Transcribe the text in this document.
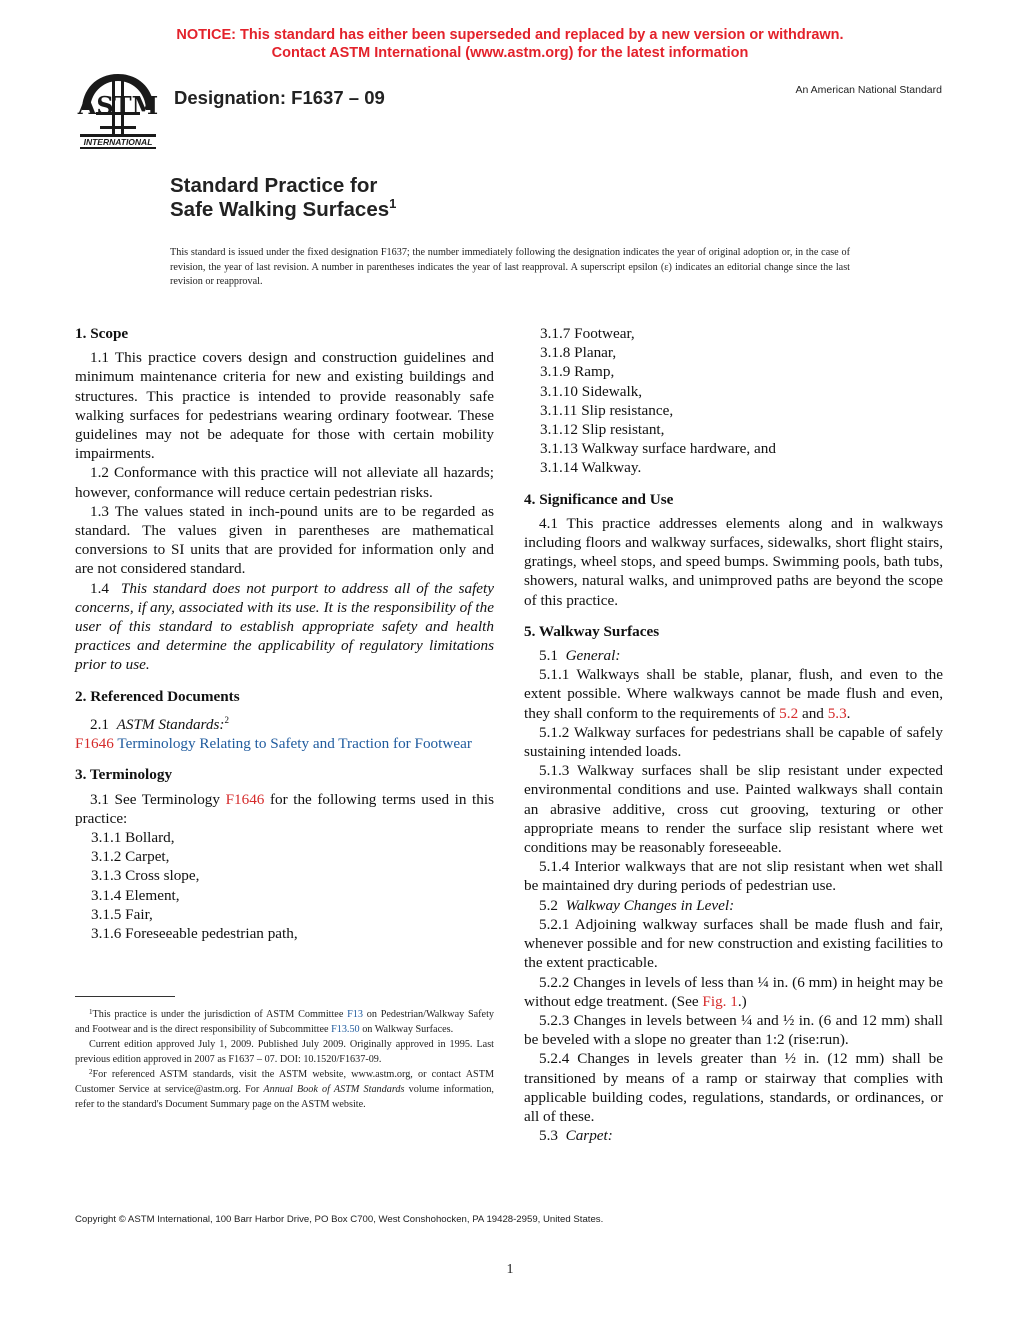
NOTICE: This standard has either been superseded and replaced by a new version or withdrawn.
Contact ASTM International (www.astm.org) for the latest information
ASTM
INTERNATIONAL
Designation: F1637 – 09	An American National Standard
Standard Practice for
Safe Walking Surfaces$^1$
This standard is issued under the fixed designation F1637; the number immediately following the designation indicates the year of original adoption or, in the case of revision, the year of last revision. A number in parentheses indicates the year of last reapproval. A superscript epsilon (ε) indicates an editorial change since the last revision or reapproval.
1. Scope

1.1 This practice covers design and construction guidelines and minimum maintenance criteria for new and existing buildings and structures. This practice is intended to provide reasonably safe walking surfaces for pedestrians wearing ordinary footwear. These guidelines may not be adequate for those with certain mobility impairments.

1.2 Conformance with this practice will not alleviate all hazards; however, conformance will reduce certain pedestrian risks.

1.3 The values stated in inch-pound units are to be regarded as standard. The values given in parentheses are mathematical conversions to SI units that are provided for information only and are not considered standard.

1.4 This standard does not purport to address all of the safety concerns, if any, associated with its use. It is the responsibility of the user of this standard to establish appropriate safety and health practices and determine the applicability of regulatory limitations prior to use.

2. Referenced Documents

2.1 ASTM Standards:$^2$

F1646 Terminology Relating to Safety and Traction for Footwear

3. Terminology

3.1 See Terminology F1646 for the following terms used in this practice:

3.1.1 Bollard,

3.1.2 Carpet,

3.1.3 Cross slope,

3.1.4 Element,

3.1.5 Fair,

3.1.6 Foreseeable pedestrian path,

3.1.7 Footwear,

3.1.8 Planar,

3.1.9 Ramp,

3.1.10 Sidewalk,

3.1.11 Slip resistance,

3.1.12 Slip resistant,

3.1.13 Walkway surface hardware, and

3.1.14 Walkway.

4. Significance and Use

4.1 This practice addresses elements along and in walkways including floors and walkway surfaces, sidewalks, short flight stairs, gratings, wheel stops, and speed bumps. Swimming pools, bath tubs, showers, natural walks, and unimproved paths are beyond the scope of this practice.

5. Walkway Surfaces

5.1 General:

5.1.1 Walkways shall be stable, planar, flush, and even to the extent possible. Where walkways cannot be made flush and even, they shall conform to the requirements of 5.2 and 5.3.

5.1.2 Walkway surfaces for pedestrians shall be capable of safely sustaining intended loads.

5.1.3 Walkway surfaces shall be slip resistant under expected environmental conditions and use. Painted walkways shall contain an abrasive additive, cross cut grooving, texturing or other appropriate means to render the surface slip resistant where wet conditions may be reasonably foreseeable.

5.1.4 Interior walkways that are not slip resistant when wet shall be maintained dry during periods of pedestrian use.

5.2 Walkway Changes in Level:

5.2.1 Adjoining walkway surfaces shall be made flush and fair, whenever possible and for new construction and existing facilities to the extent practicable.

5.2.2 Changes in levels of less than ¼ in. (6 mm) in height may be without edge treatment. (See Fig. 1.)

5.2.3 Changes in levels between ¼ and ½ in. (6 and 12 mm) shall be beveled with a slope no greater than 1:2 (rise:run).

5.2.4 Changes in levels greater than ½ in. (12 mm) shall be transitioned by means of a ramp or stairway that complies with applicable building codes, regulations, standards, or ordinances, or all of these.

5.3 Carpet:

$^1$This practice is under the jurisdiction of ASTM Committee F13 on Pedestrian/Walkway Safety and Footwear and is the direct responsibility of Subcommittee F13.50 on Walkway Surfaces.

Current edition approved July 1, 2009. Published July 2009. Originally approved in 1995. Last previous edition approved in 2007 as F1637 – 07. DOI: 10.1520/F1637-09.

$^2$For referenced ASTM standards, visit the ASTM website, www.astm.org, or contact ASTM Customer Service at service@astm.org. For Annual Book of ASTM Standards volume information, refer to the standard's Document Summary page on the ASTM website.

Copyright © ASTM International, 100 Barr Harbor Drive, PO Box C700, West Conshohocken, PA 19428-2959, United States.
1
